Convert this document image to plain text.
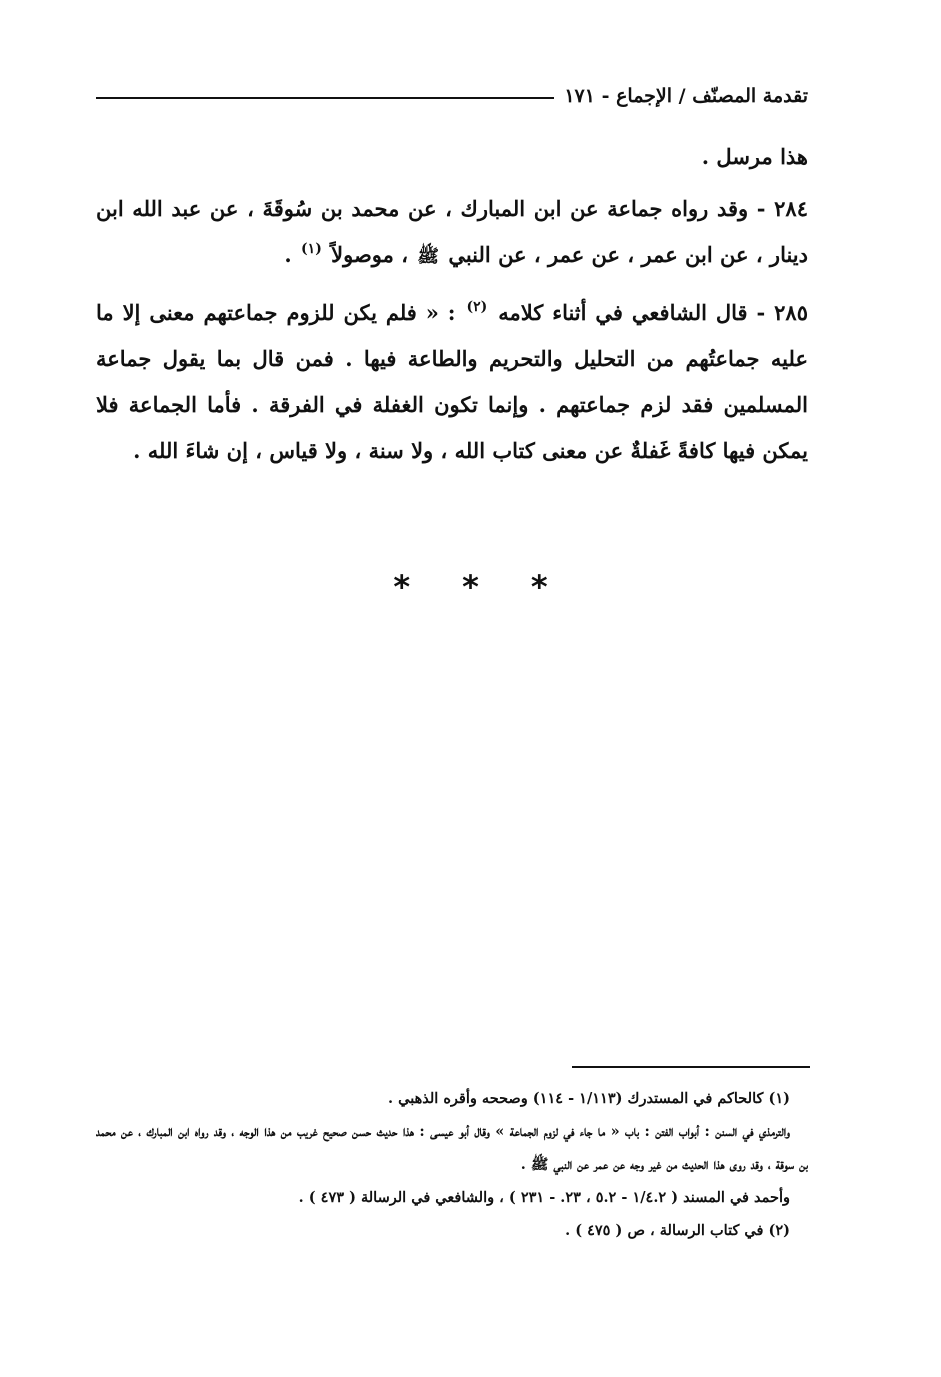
تقدمة المصنّف / الإجماع - ١٧١

هذا مرسل .

٢٨٤ - وقد رواه جماعة عن ابن المبارك ، عن محمد بن سُوقَةَ ، عن عبد الله ابن دينار ، عن ابن عمر ، عن عمر ، عن النبي ﷺ ، موصولاً $^{(١)}$ .

٢٨٥ - قال الشافعي في أثناء كلامه $^{(٢)}$ : « فلم يكن للزوم جماعتهم معنى إلا ما عليه جماعتُهم من التحليل والتحريم والطاعة فيها . فمن قال بما يقول جماعة المسلمين فقد لزم جماعتهم . وإنما تكون الغفلة في الفرقة . فأما الجماعة فلا يمكن فيها كافةً غَفلةٌ عن معنى كتاب الله ، ولا سنة ، ولا قياس ، إن شاءَ الله .

* * *

(١) كالحاكم في المستدرك (١/١١٣ - ١١٤) وصححه وأقره الذهبي .

والترمذي في السنن : أبواب الفتن : باب « ما جاء في لزوم الجماعة » وقال أبو عيسى : هذا حديث حسن صحيح غريب من هذا الوجه ، وقد رواه ابن المبارك ، عن محمد بن سوقة ، وقد روى هذا الحديث من غير وجه عن عمر عن النبي ﷺ .

وأحمد في المسند ( ١/٤.٢ - ٥.٢ ، ٢٣. - ٢٣١ ) ، والشافعي في الرسالة ( ٤٧٣ ) .

(٢) في كتاب الرسالة ، ص ( ٤٧٥ ) .
